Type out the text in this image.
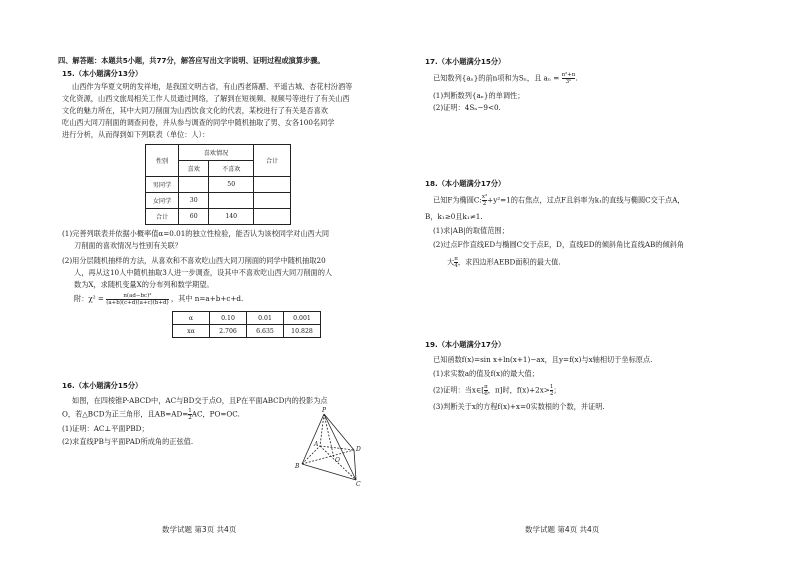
四、解答题：本题共5小题，共77分，解答应写出文字说明、证明过程或演算步骤。
15.（本小题满分13分）
山西作为华夏文明的发祥地，是我国文明古省，有山西老陈醋、平遥古城、杏花村汾酒等
文化资源，山西文旅局相关工作人员通过网络，了解到在短视频、视频号等进行了有关山西
文化的魅力所在，其中大同刀削面为山西饮食文化的代表，某校进行了有关是否喜欢
吃山西大同刀削面的调查问卷，并从参与调查的同学中随机抽取了男、女各100名同学
进行分析，从而得到如下列联表（单位：人）：
性别	喜欢情况		合计
	喜欢	不喜欢	
男同学		50	
女同学	30		
合计	60	140	
(1)完善列联表并依据小概率值α=0.01的独立性检验，能否认为该校同学对山西大同
刀削面的喜欢情况与性别有关联？
(2)用分层随机抽样的方法，从喜欢和不喜欢吃山西大同刀削面的同学中随机抽取20
人，再从这10人中随机抽取3人进一步调查，设其中不喜欢吃山西大同刀削面的人
数为X，求随机变量X的分布列和数学期望。
附：$\chi^2 = \frac{\text{n(ad−bc)²}}{(a+b)(c+d)(a+c)(b+d)}$ ，其中 n=a+b+c+d.
α	0.10	0.01	0.001
xα	2.706	6.635	10.828
16.（本小题满分15分）
如图，在四棱锥P-ABCD中，AC与BD交于点O，且P在平面ABCD内的投影为点
O，若△BCD为正三角形，且$AB=AD= \frac{1}{2}$ AC，PO=OC.
(1)证明：AC⊥平面PBD；
(2)求直线PB与平面PAD所成角的正弦值.
P
A
B
C
D
O
数学试题 第3页 共4页
17.（本小题满分15分）
已知数列{aₙ}的前n项和为Sₙ，且 $a_n = \frac{\text{n²+n}}{\text{3ⁿ}}$ .
(1)判断数列{aₙ}的单调性；
(2)证明：4Sₙ−9<0.
18.（本小题满分17分）
已知F为椭圆C: $\frac{\text{x²}}{2} +y^2=1$的右焦点，过点F且斜率为k₁的直线与椭圆C交于点A，
B，k₁≥0且k₁≠1.
(1)求|AB|的取值范围；
(2)过点F作直线ED与椭圆C交于点E，D，直线ED的倾斜角比直线AB的倾斜角
大 $\frac{\pi}{4}$ ，求四边形AEBD面积的最大值.
19.（本小题满分17分）
已知函数f(x)=sin x+ln(x+1)−ax，且y=f(x)与x轴相切于坐标原点.
(1)求实数a的值及f(x)的最大值；
(2)证明：当x∈[ $\frac{\pi}{6}$ ，π]时，$f(x)+2x> \frac{1}{2}$ ；
(3)判断关于x的方程f(x)+x=0实数根的个数，并证明.
数学试题 第4页 共4页
